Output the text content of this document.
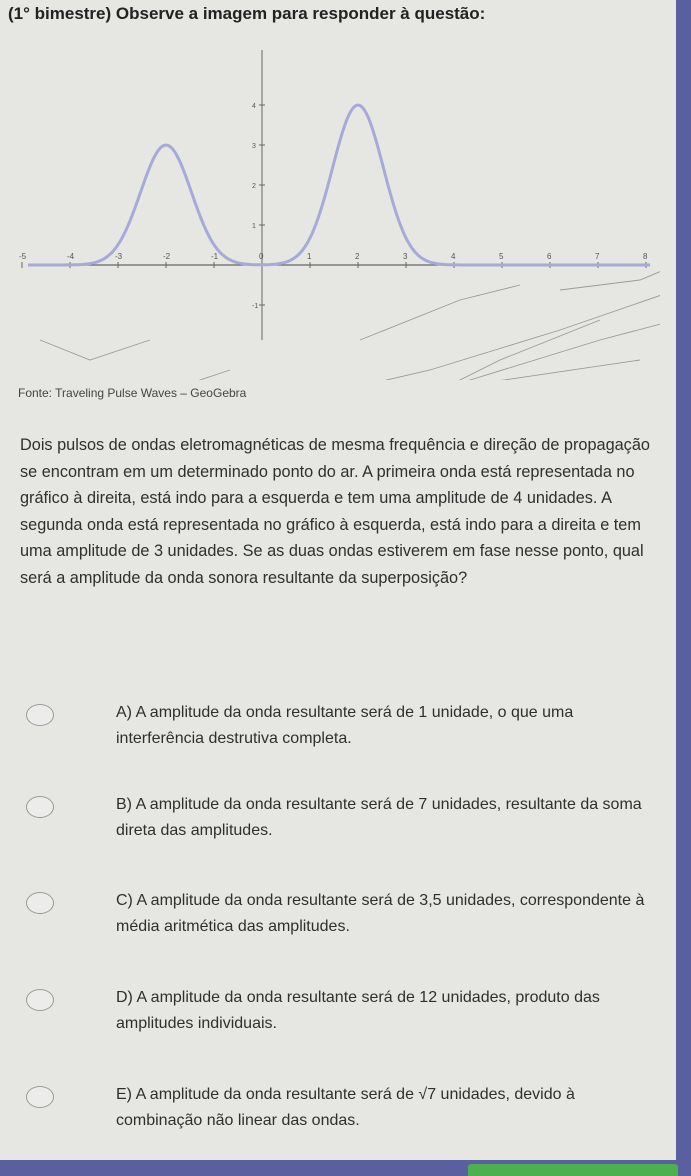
(1° bimestre) Observe a imagem para responder à questão:
-5	-4	-3	-2	-1	0	1	2	3	4	5	6	7	8
1
2
3
4
-1
Fonte: Traveling Pulse Waves – GeoGebra

Dois pulsos de ondas eletromagnéticas de mesma frequência e direção de propagação se encontram em um determinado ponto do ar. A primeira onda está representada no gráfico à direita, está indo para a esquerda e tem uma amplitude de 4 unidades. A segunda onda está representada no gráfico à esquerda, está indo para a direita e tem uma amplitude de 3 unidades. Se as duas ondas estiverem em fase nesse ponto, qual será a amplitude da onda sonora resultante da superposição?

A) A amplitude da onda resultante será de 1 unidade, o que uma interferência destrutiva completa.

B) A amplitude da onda resultante será de 7 unidades, resultante da soma direta das amplitudes.

C) A amplitude da onda resultante será de 3,5 unidades, correspondente à média aritmética das amplitudes.

D) A amplitude da onda resultante será de 12 unidades, produto das amplitudes individuais.

E) A amplitude da onda resultante será de √7 unidades, devido à combinação não linear das ondas.
